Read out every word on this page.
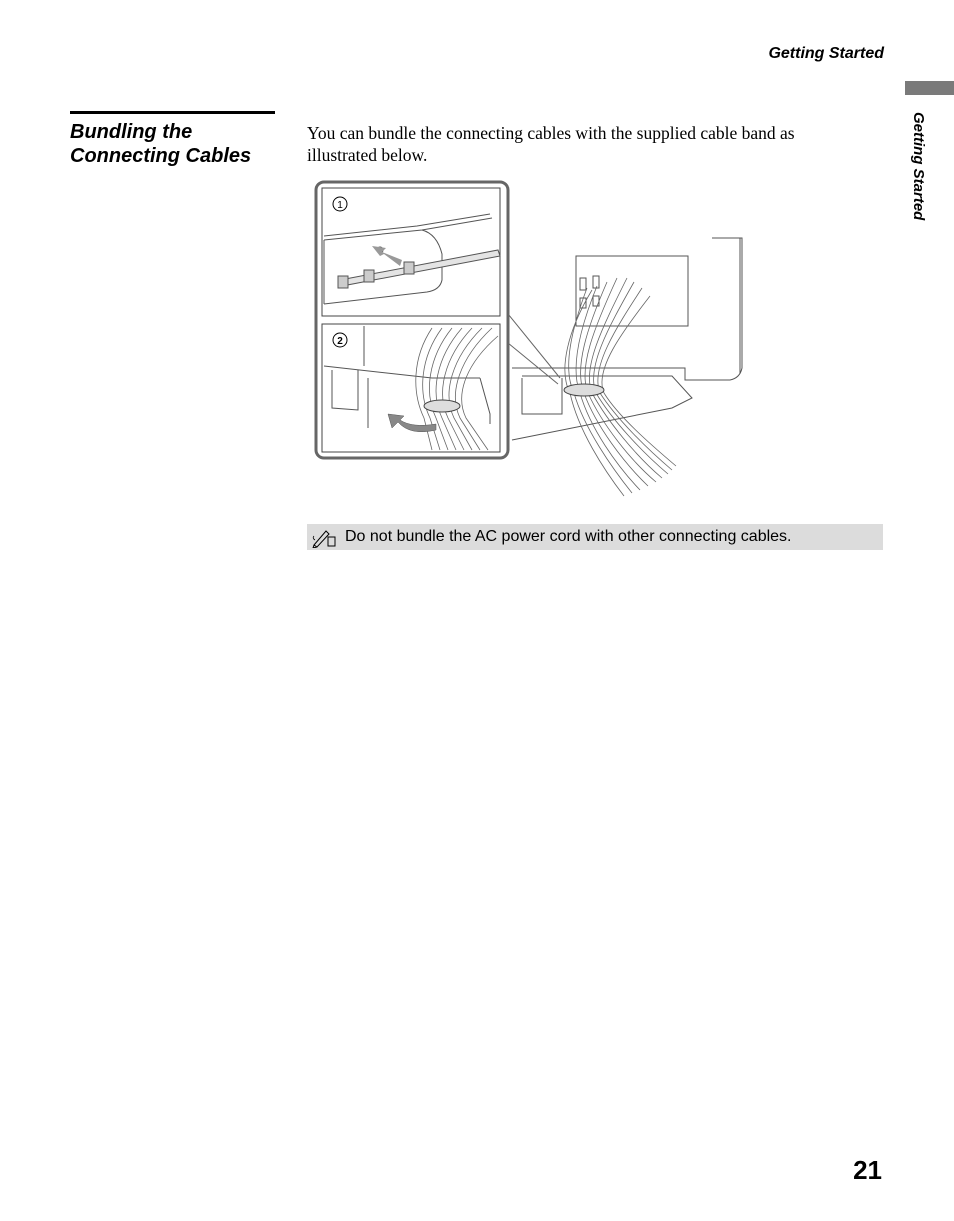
Getting Started
Getting Started
Bundling the
Connecting Cables
You can bundle the connecting cables with the supplied cable band as illustrated below.
1
2
Do not bundle the AC power cord with other connecting cables.
21
